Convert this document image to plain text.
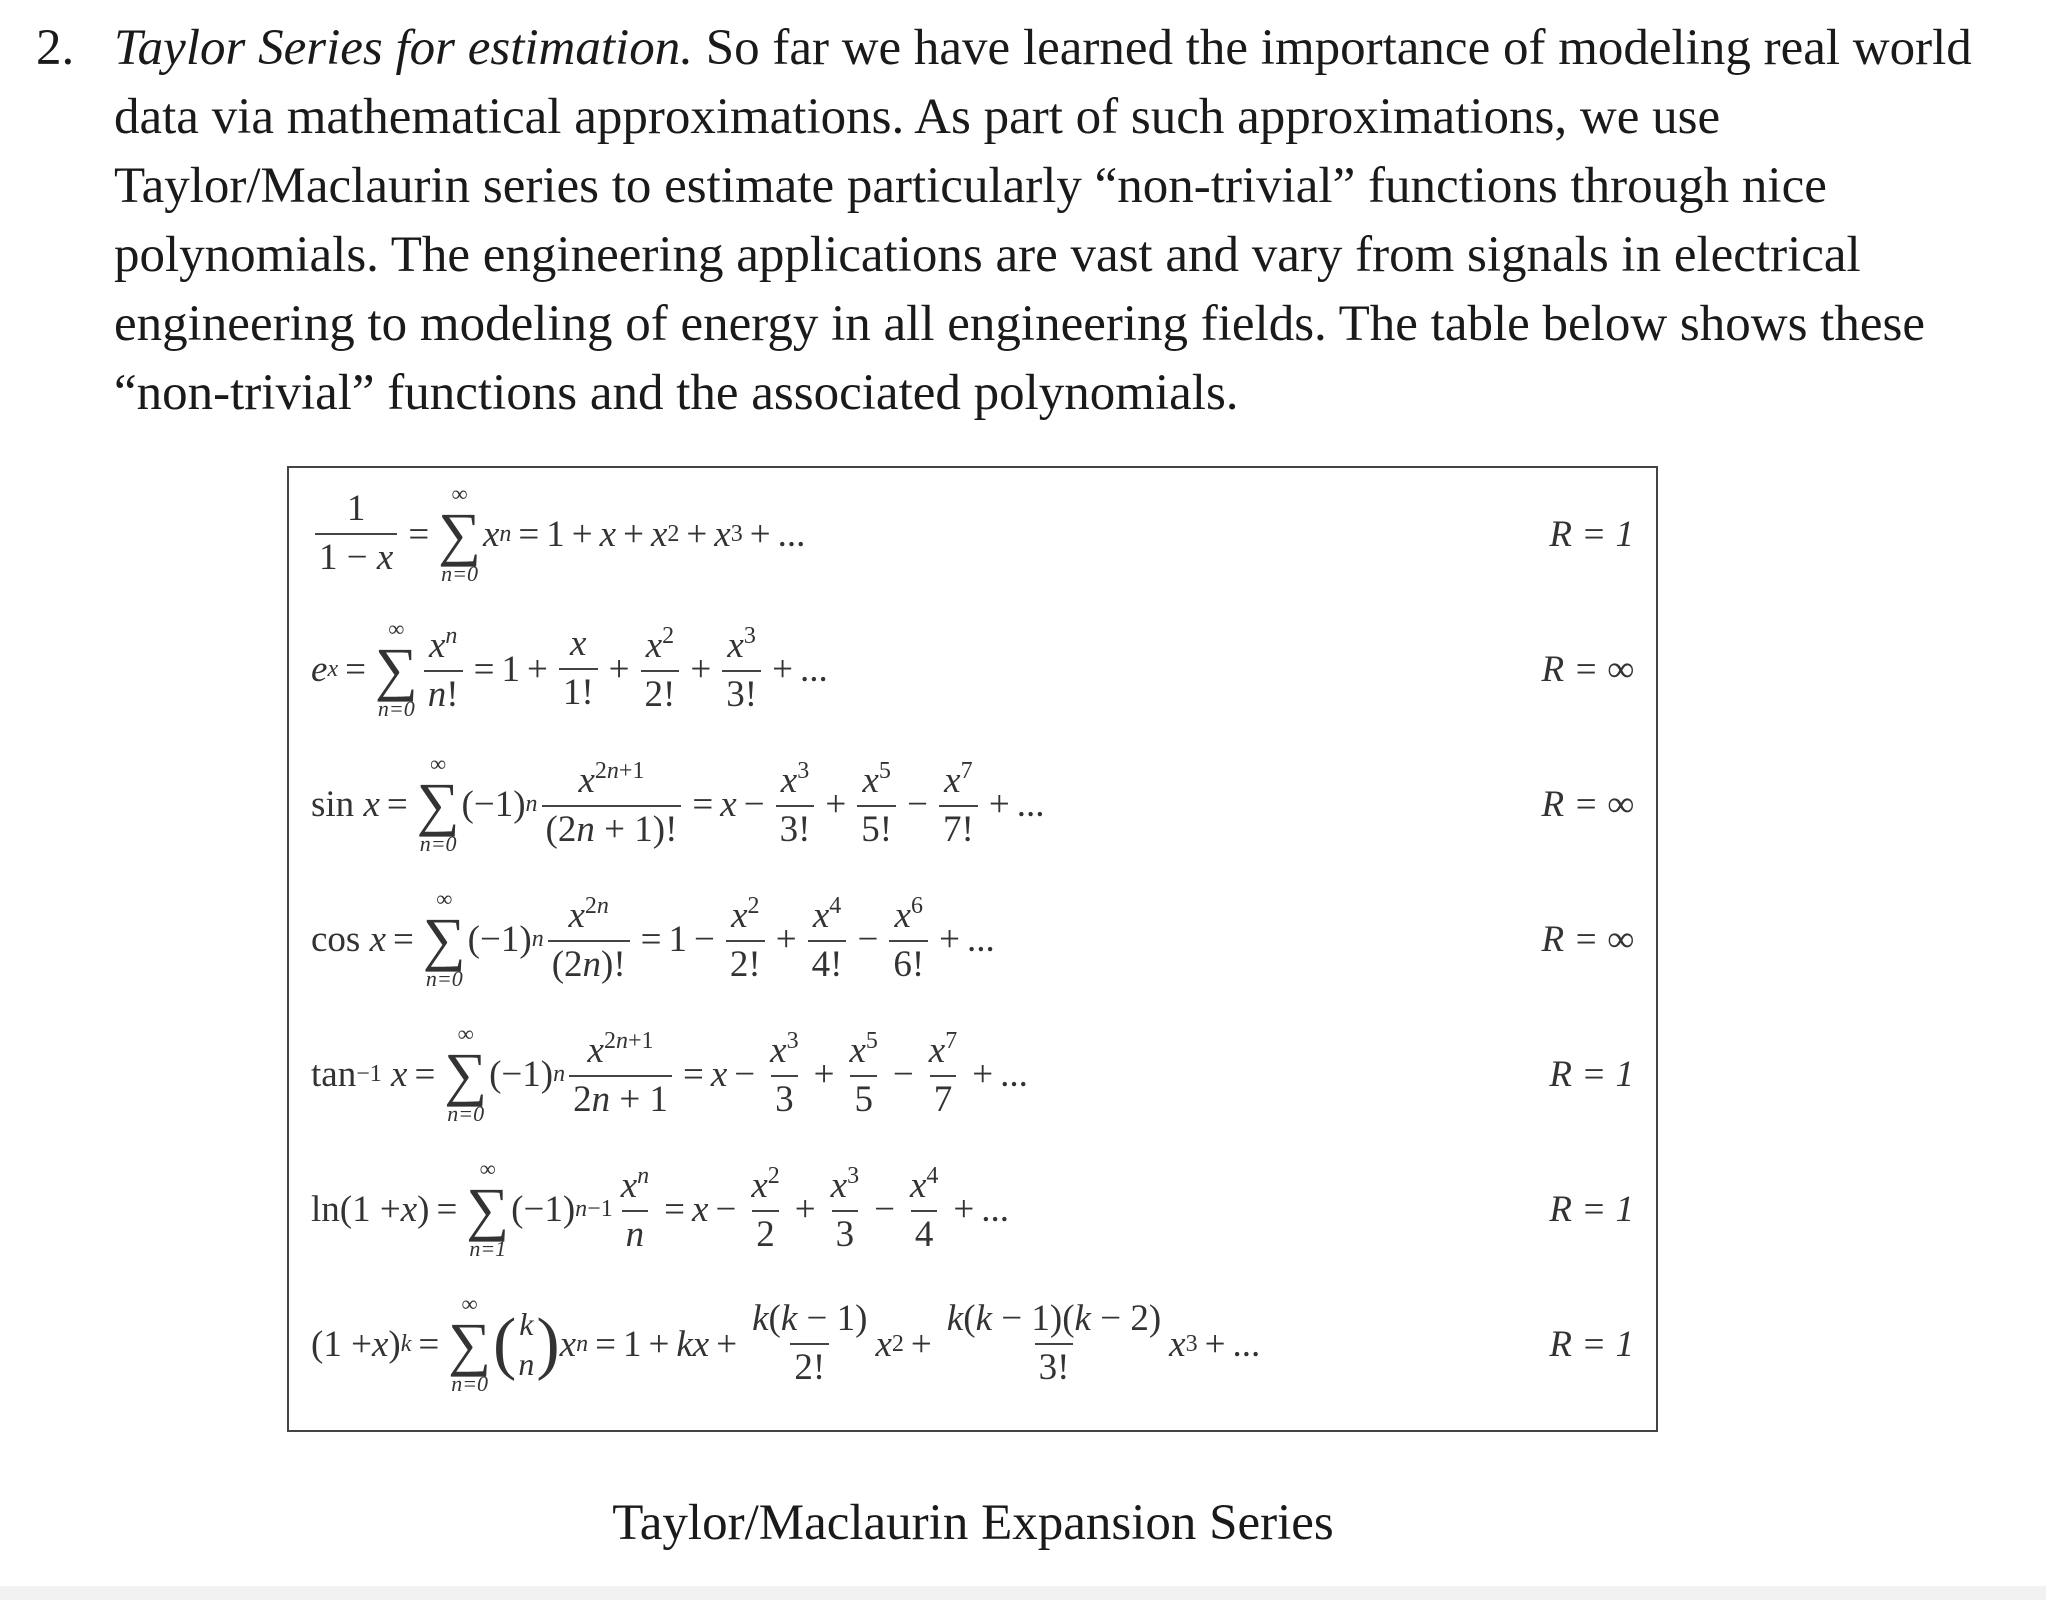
2. Taylor Series for estimation. So far we have learned the importance of modeling real world data via mathematical approximations. As part of such approximations, we use Taylor/Maclaurin series to estimate particularly “non-trivial” functions through nice polynomials. The engineering applications are vast and vary from signals in electrical engineering to modeling of energy in all engineering fields. The table below shows these “non-trivial” functions and the associated polynomials.
$\frac{1}{1 - x}$ =
∞
∑
n=0
x n = 1 + x + x 2 + x 3 + ...	R = 1
e x =
∞
∑
$n=0 \frac{x^n}{n!} = 1 + \frac{x}{1!} + \frac{x^2}{2!} + \frac{x^3}{3!}$ + ...	R = ∞
sin x =
∞
∑
n=0
(−1) n $\frac{x^{2n+1}}{(2n + 1)!} = x - \frac{x^3}{3!} + \frac{x^5}{5!} - \frac{x^7}{7!}$ + ...	R = ∞
cos x =
∞
∑
n=0
(−1) n $\frac{x^{2n}}{(2n)!} = 1 - \frac{x^2}{2!} + \frac{x^4}{4!} - \frac{x^6}{6!}$ + ...	R = ∞
tan −1
x =
∞
∑
n=0
(−1) n $\frac{x^{2n+1}}{2n + 1} = x - \frac{x^3}{3} + \frac{x^5}{5} - \frac{x^7}{7}$ + ...	R = 1
ln(1 + x ) =
∞
∑
n=1
(−1) $n-1 \frac{x^n}{n} = x - \frac{x^2}{2} + \frac{x^3}{3} - \frac{x^4}{4}$ + ...	R = 1
(1 + x ) k =
∞
∑
n=0
( k
n ) x n = 1 + kx + $\frac{k(k - 1)}{2!}$ x $2 + \frac{k(k - 1)(k - 2)}{3!}$ x 3 + ...	R = 1
Taylor/Maclaurin Expansion Series
